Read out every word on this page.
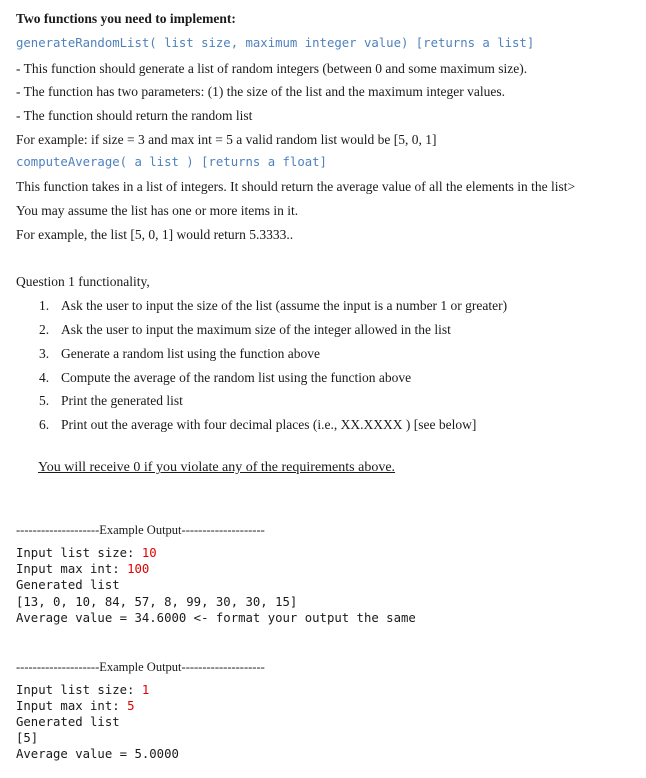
Two functions you need to implement:
generateRandomList( list size, maximum integer value) [returns a list]
- This function should generate a list of random integers (between 0 and some maximum size).
- The function has two parameters: (1) the size of the list and the maximum integer values.
- The function should return the random list
For example: if size = 3 and max int = 5 a valid random list would be [5, 0, 1]
computeAverage( a list ) [returns a float]
This function takes in a list of integers. It should return the average value of all the elements in the list>
You may assume the list has one or more items in it.
For example, the list [5, 0, 1] would return 5.3333..
Question 1 functionality,
1. Ask the user to input the size of the list (assume the input is a number 1 or greater)
2. Ask the user to input the maximum size of the integer allowed in the list
3. Generate a random list using the function above
4. Compute the average of the random list using the function above
5. Print the generated list
6. Print out the average with four decimal places (i.e., XX.XXXX ) [see below]
You will receive 0 if you violate any of the requirements above.
--------------------Example Output--------------------
Input list size: 10
Input max int: 100
Generated list
[13, 0, 10, 84, 57, 8, 99, 30, 30, 15]
Average value = 34.6000 <- format your output the same
--------------------Example Output--------------------
Input list size: 1
Input max int: 5
Generated list
[5]
Average value = 5.0000
